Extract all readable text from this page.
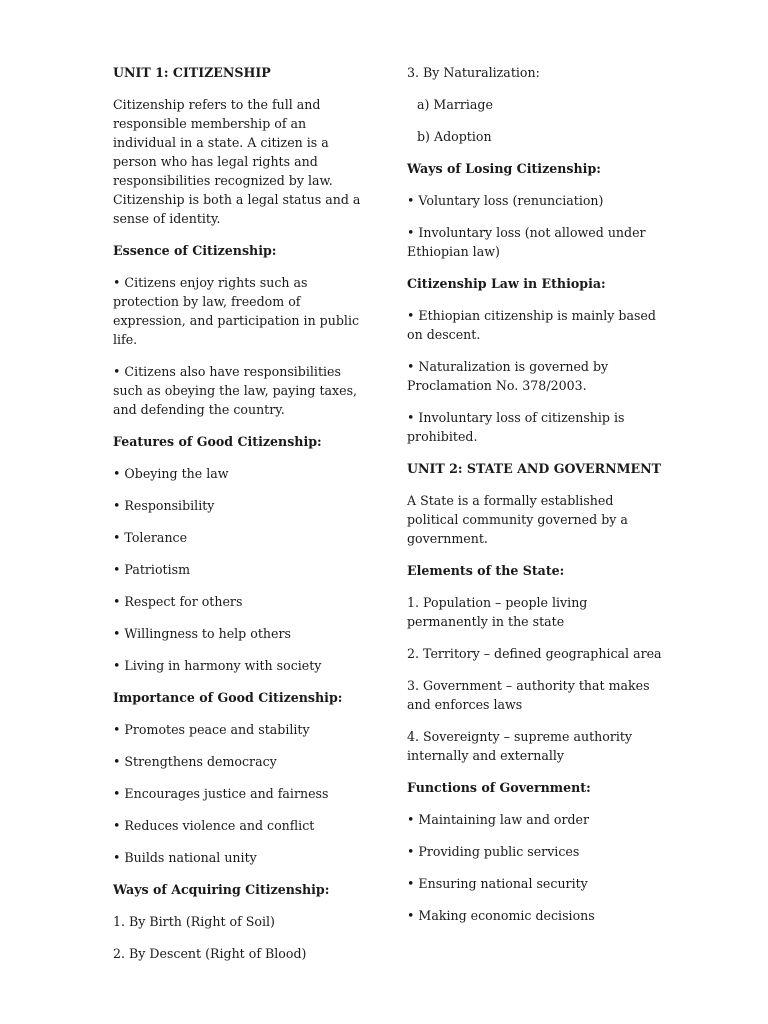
UNIT 1: CITIZENSHIP
Citizenship refers to the full and responsible membership of an individual in a state. A citizen is a person who has legal rights and responsibilities recognized by law. Citizenship is both a legal status and a sense of identity.
Essence of Citizenship:
• Citizens enjoy rights such as protection by law, freedom of expression, and participation in public life.
• Citizens also have responsibilities such as obeying the law, paying taxes, and defending the country.
Features of Good Citizenship:
• Obeying the law
• Responsibility
• Tolerance
• Patriotism
• Respect for others
• Willingness to help others
• Living in harmony with society
Importance of Good Citizenship:
• Promotes peace and stability
• Strengthens democracy
• Encourages justice and fairness
• Reduces violence and conflict
• Builds national unity
Ways of Acquiring Citizenship:
1. By Birth (Right of Soil)
2. By Descent (Right of Blood)
3. By Naturalization:
a) Marriage
b) Adoption
Ways of Losing Citizenship:
• Voluntary loss (renunciation)
• Involuntary loss (not allowed under Ethiopian law)
Citizenship Law in Ethiopia:
• Ethiopian citizenship is mainly based on descent.
• Naturalization is governed by Proclamation No. 378/2003.
• Involuntary loss of citizenship is prohibited.
UNIT 2: STATE AND GOVERNMENT
A State is a formally established political community governed by a government.
Elements of the State:
1. Population – people living permanently in the state
2. Territory – defined geographical area
3. Government – authority that makes and enforces laws
4. Sovereignty – supreme authority internally and externally
Functions of Government:
• Maintaining law and order
• Providing public services
• Ensuring national security
• Making economic decisions
